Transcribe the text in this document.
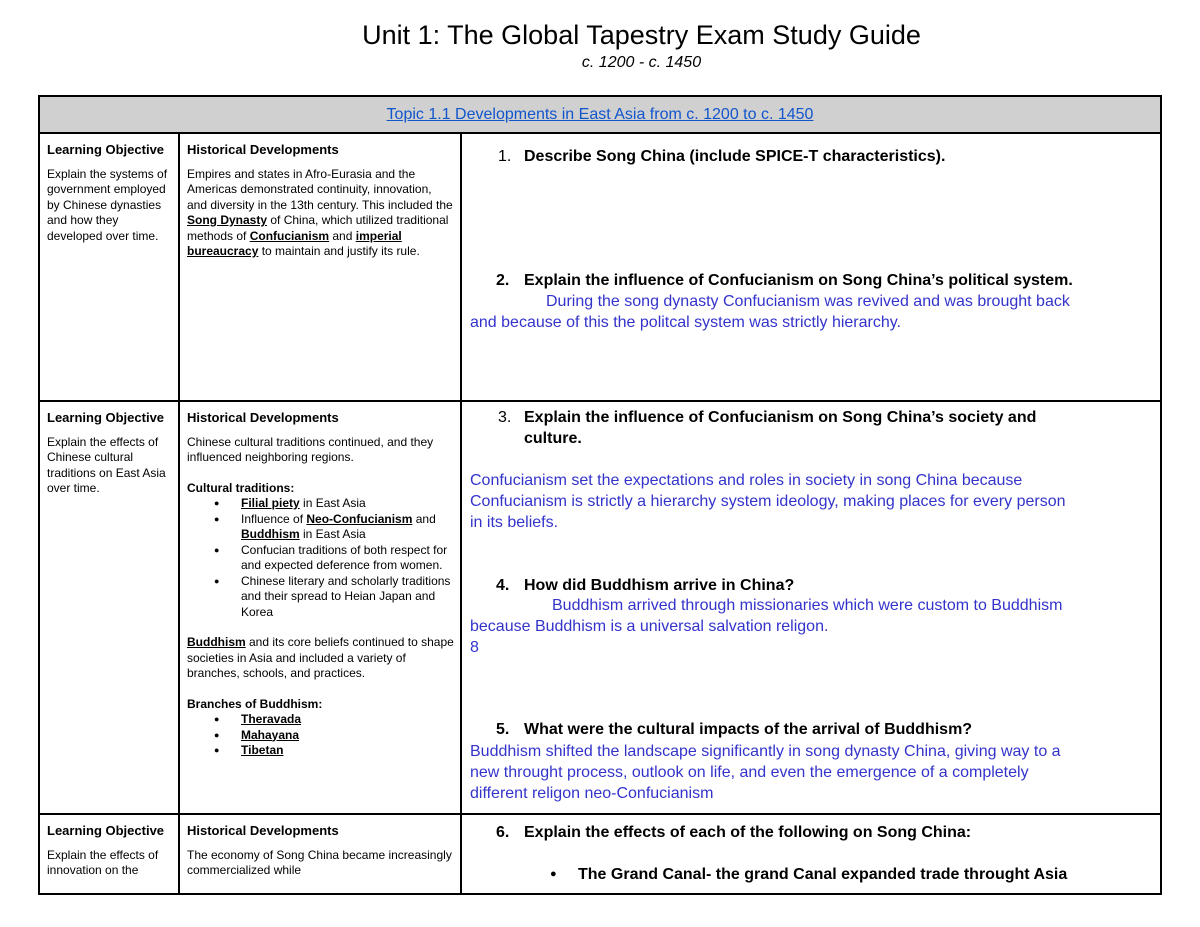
Unit 1: The Global Tapestry Exam Study Guide
c. 1200 - c. 1450
Topic 1.1 Developments in East Asia from c. 1200 to c. 1450
Learning Objective
Explain the systems of government employed by Chinese dynasties and how they developed over time.
Historical Developments
Empires and states in Afro-Eurasia and the Americas demonstrated continuity, innovation, and diversity in the 13th century. This included the Song Dynasty of China, which utilized traditional methods of Confucianism and imperial bureaucracy to maintain and justify its rule.
1. Describe Song China (include SPICE-T characteristics).
2. Explain the influence of Confucianism on Song China’s political system.
During the song dynasty Confucianism was revived and was brought back
and because of this the politcal system was strictly hierarchy.
Learning Objective
Explain the effects of Chinese cultural traditions on East Asia over time.
Historical Developments
Chinese cultural traditions continued, and they influenced neighboring regions.
Cultural traditions:
● Filial piety in East Asia
● Influence of Neo-Confucianism and Buddhism in East Asia
● Confucian traditions of both respect for and expected deference from women.
● Chinese literary and scholarly traditions and their spread to Heian Japan and Korea
Buddhism and its core beliefs continued to shape societies in Asia and included a variety of branches, schools, and practices.
Branches of Buddhism:
● Theravada
● Mahayana
● Tibetan
3. Explain the influence of Confucianism on Song China’s society and
culture.
Confucianism set the expectations and roles in society in song China because
Confucianism is strictly a hierarchy system ideology, making places for every person
in its beliefs.
4. How did Buddhism arrive in China?
Buddhism arrived through missionaries which were custom to Buddhism
because Buddhism is a universal salvation religon.
8
5. What were the cultural impacts of the arrival of Buddhism?
Buddhism shifted the landscape significantly in song dynasty China, giving way to a
new throught process, outlook on life, and even the emergence of a completely
different religon neo-Confucianism
Learning Objective
Explain the effects of innovation on the
Historical Developments
The economy of Song China became increasingly commercialized while
6. Explain the effects of each of the following on Song China:
● The Grand Canal- the grand Canal expanded trade throught Asia
